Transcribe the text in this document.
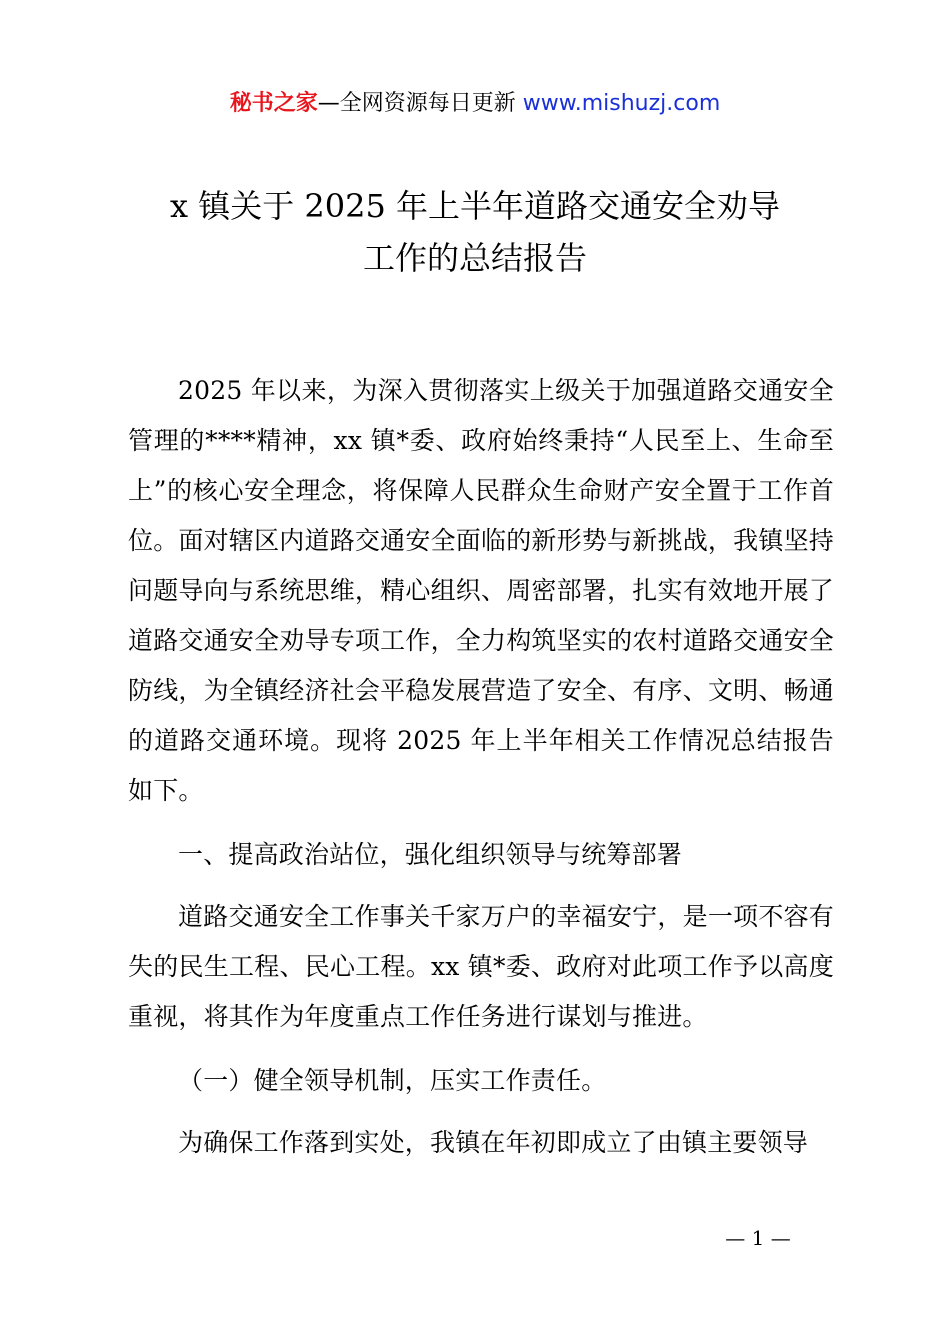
秘书之家—全网资源每日更新 www.mishuzj.com
x 镇关于 2025 年上半年道路交通安全劝导
工作的总结报告

2025 年以来，为深入贯彻落实上级关于加强道路交通安全管理的****精神，xx 镇*委、政府始终秉持“人民至上、生命至上”的核心安全理念，将保障人民群众生命财产安全置于工作首位。面对辖区内道路交通安全面临的新形势与新挑战，我镇坚持问题导向与系统思维，精心组织、周密部署，扎实有效地开展了道路交通安全劝导专项工作，全力构筑坚实的农村道路交通安全防线，为全镇经济社会平稳发展营造了安全、有序、文明、畅通的道路交通环境。现将 2025 年上半年相关工作情况总结报告如下。

一、提高政治站位，强化组织领导与统筹部署

道路交通安全工作事关千家万户的幸福安宁，是一项不容有失的民生工程、民心工程。xx 镇*委、政府对此项工作予以高度重视，将其作为年度重点工作任务进行谋划与推进。

（一）健全领导机制，压实工作责任。

为确保工作落到实处，我镇在年初即成立了由镇主要领导

— 1 —
